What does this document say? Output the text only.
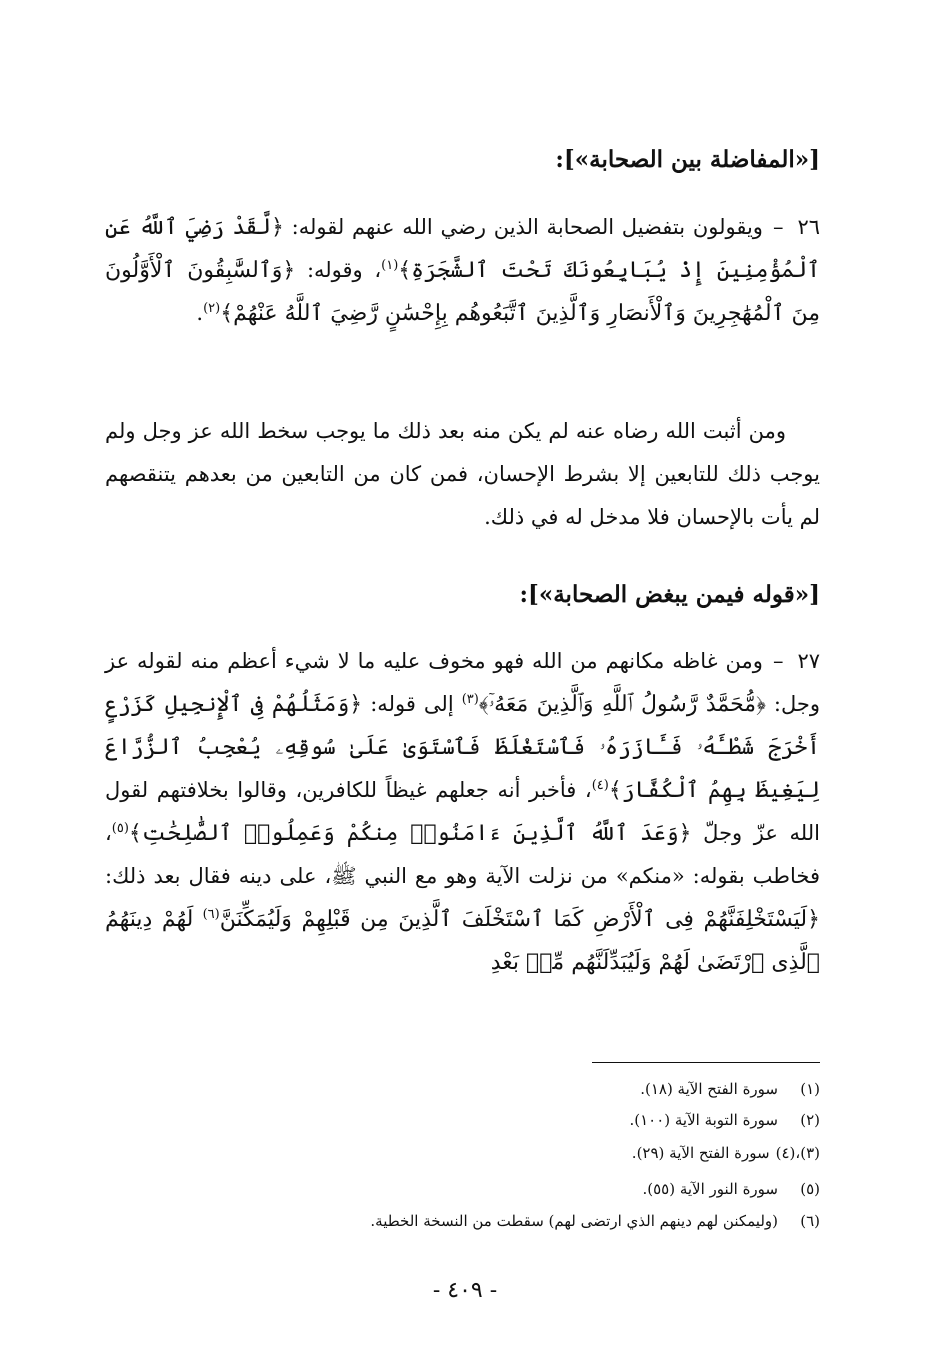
[«المفاضلة بين الصحابة»]:
٢٦–ويقولون بتفضيل الصحابة الذين رضي الله عنهم لقوله: ﴿لَّقَدْ رَضِيَ ٱللَّهُ عَنِ ٱلْمُؤْمِنِينَ إِذْ يُبَايِعُونَكَ تَحْتَ ٱلشَّجَرَةِ﴾$^{(١)}$، وقوله: ﴿وَٱلسَّٰبِقُونَ ٱلْأَوَّلُونَ مِنَ ٱلْمُهَٰجِرِينَ وَٱلْأَنصَارِ وَٱلَّذِينَ ٱتَّبَعُوهُم بِإِحْسَٰنٍ رَّضِيَ ٱللَّهُ عَنْهُمْ﴾$^{(٢)}$.
ومن أثبت الله رضاه عنه لم يكن منه بعد ذلك ما يوجب سخط الله عز وجل ولم يوجب ذلك للتابعين إلا بشرط الإحسان، فمن كان من التابعين من بعدهم يتنقصهم لم يأت بالإحسان فلا مدخل له في ذلك.
[«قوله فيمن يبغض الصحابة»]:
٢٧–ومن غاظه مكانهم من الله فهو مخوف عليه ما لا شيء أعظم منه لقوله عز وجل: ﴿مُّحَمَّدٌ رَّسُولُ ٱللَّهِ وَٱلَّذِينَ مَعَهُۥٓ﴾$^{(٣)}$ إلى قوله: ﴿وَمَثَلُهُمْ فِى ٱلْإِنجِيلِ كَزَرْعٍ أَخْرَجَ شَطْـَٔهُۥ فَـَٔازَرَهُۥ فَٱسْتَغْلَظَ فَٱسْتَوَىٰ عَلَىٰ سُوقِهِۦ يُعْجِبُ ٱلزُّرَّاعَ لِيَغِيظَ بِهِمُ ٱلْكُفَّارَ﴾$^{(٤)}$، فأخبر أنه جعلهم غيظاً للكافرين، وقالوا بخلافتهم لقول الله عزّ وجلّ ﴿وَعَدَ ٱللَّهُ ٱلَّذِينَ ءَامَنُوا۟ مِنكُمْ وَعَمِلُوا۟ ٱلصَّٰلِحَٰتِ﴾$^{(٥)}$، فخاطب بقوله: «منكم» من نزلت الآية وهو مع النبي ﷺ، على دينه فقال بعد ذلك: ﴿لَيَسْتَخْلِفَنَّهُمْ فِى ٱلْأَرْضِ كَمَا ٱسْتَخْلَفَ ٱلَّذِينَ مِن قَبْلِهِمْ وَلَيُمَكِّنَنَّ$^{(٦)}$ لَهُمْ دِينَهُمُ ٱلَّذِى ٱرْتَضَىٰ لَهُمْ وَلَيُبَدِّلَنَّهُم مِّنۢ بَعْدِ
(١)سورة الفتح الآية (١٨).
(٢)سورة التوبة الآية (١٠٠).
(٣)،(٤)سورة الفتح الآية (٢٩).
(٥)سورة النور الآية (٥٥).
(٦)(وليمكنن لهم دينهم الذي ارتضى لهم) سقطت من النسخة الخطية.
- ٤٠٩ -
